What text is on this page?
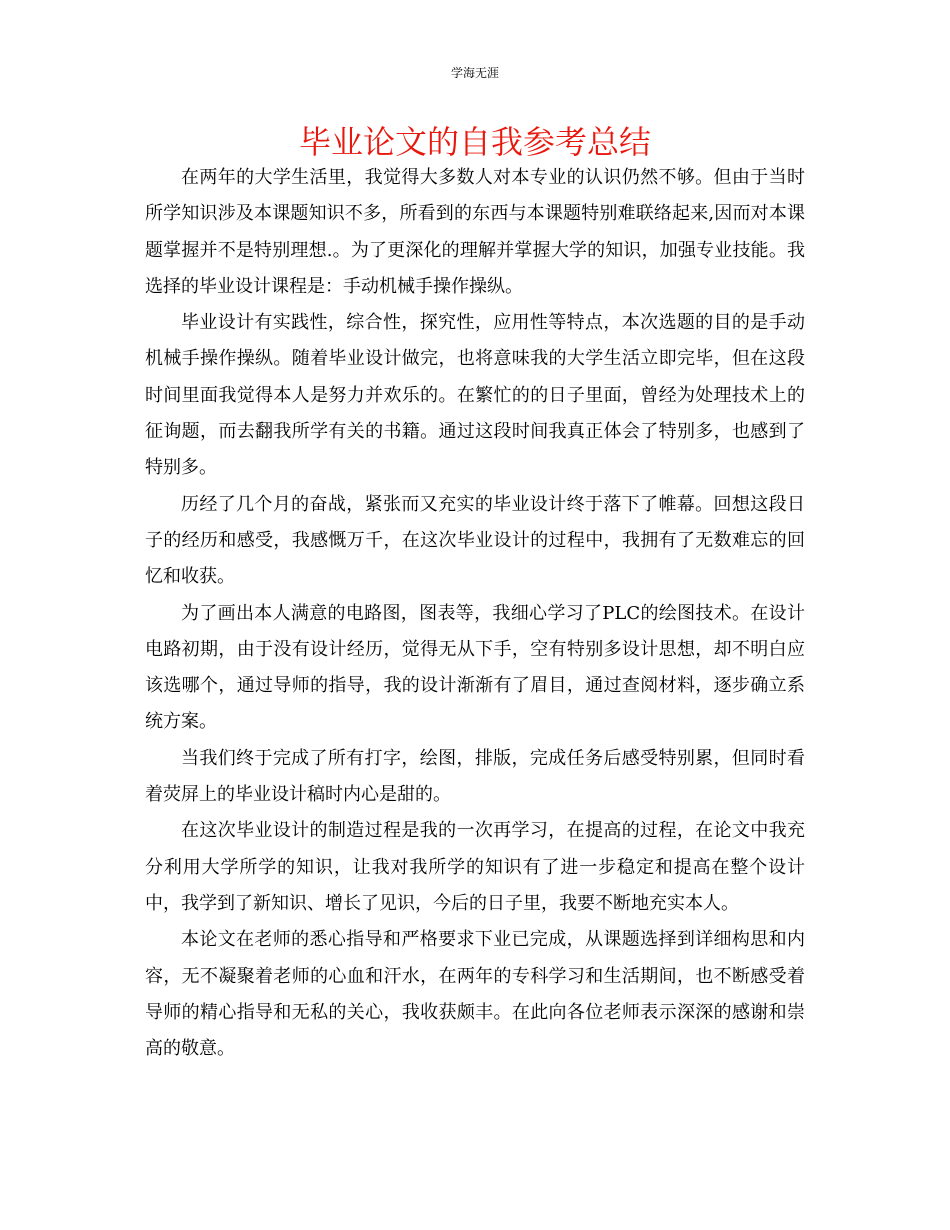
学海无涯
毕业论文的自我参考总结

在两年的大学生活里，我觉得大多数人对本专业的认识仍然不够。但由于当时所学知识涉及本课题知识不多，所看到的东西与本课题特别难联络起来,因而对本课题掌握并不是特别理想.。为了更深化的理解并掌握大学的知识，加强专业技能。我选择的毕业设计课程是：手动机械手操作操纵。

毕业设计有实践性，综合性，探究性，应用性等特点，本次选题的目的是手动机械手操作操纵。随着毕业设计做完，也将意味我的大学生活立即完毕，但在这段时间里面我觉得本人是努力并欢乐的。在繁忙的的日子里面，曾经为处理技术上的征询题，而去翻我所学有关的书籍。通过这段时间我真正体会了特别多，也感到了特别多。

历经了几个月的奋战，紧张而又充实的毕业设计终于落下了帷幕。回想这段日子的经历和感受，我感慨万千，在这次毕业设计的过程中，我拥有了无数难忘的回忆和收获。

为了画出本人满意的电路图，图表等，我细心学习了PLC的绘图技术。在设计电路初期，由于没有设计经历，觉得无从下手，空有特别多设计思想，却不明白应该选哪个，通过导师的指导，我的设计渐渐有了眉目，通过查阅材料，逐步确立系统方案。

当我们终于完成了所有打字，绘图，排版，完成任务后感受特别累，但同时看着荧屏上的毕业设计稿时内心是甜的。

在这次毕业设计的制造过程是我的一次再学习，在提高的过程，在论文中我充分利用大学所学的知识，让我对我所学的知识有了进一步稳定和提高在整个设计中，我学到了新知识、增长了见识，今后的日子里，我要不断地充实本人。

本论文在老师的悉心指导和严格要求下业已完成，从课题选择到详细构思和内容，无不凝聚着老师的心血和汗水，在两年的专科学习和生活期间，也不断感受着导师的精心指导和无私的关心，我收获颇丰。在此向各位老师表示深深的感谢和崇高的敬意。
